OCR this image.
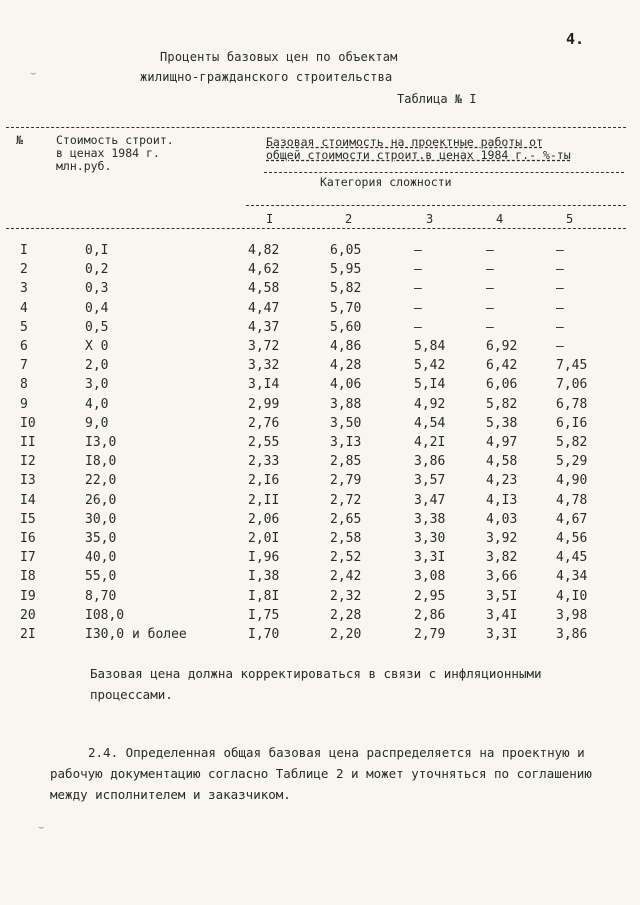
4.
Проценты базовых цен по объектам
жилищно-гражданского строительства
Таблица № I
№	Стоимость строит. в ценах 1984 г. млн.руб.
Базовая стоимость на проектные работы от
общей стоимости строит.в ценах 1984 г.- %-ты
Категория сложности
I	2	3	4	5
I	0,I	4,82	6,05	–	–	–
2	0,2	4,62	5,95	–	–	–
3	0,3	4,58	5,82	–	–	–
4	0,4	4,47	5,70	–	–	–
5	0,5	4,37	5,60	–	–	–
6	X 0	3,72	4,86	5,84	6,92	–
7	2,0	3,32	4,28	5,42	6,42	7,45
8	3,0	3,I4	4,06	5,I4	6,06	7,06
9	4,0	2,99	3,88	4,92	5,82	6,78
I0	9,0	2,76	3,50	4,54	5,38	6,I6
II	I3,0	2,55	3,I3	4,2I	4,97	5,82
I2	I8,0	2,33	2,85	3,86	4,58	5,29
I3	22,0	2,I6	2,79	3,57	4,23	4,90
I4	26,0	2,II	2,72	3,47	4,I3	4,78
I5	30,0	2,06	2,65	3,38	4,03	4,67
I6	35,0	2,0I	2,58	3,30	3,92	4,56
I7	40,0	I,96	2,52	3,3I	3,82	4,45
I8	55,0	I,38	2,42	3,08	3,66	4,34
I9	8,70	I,8I	2,32	2,95	3,5I	4,I0
20	I08,0	I,75	2,28	2,86	3,4I	3,98
2I	I30,0 и более	I,70	2,20	2,79	3,3I	3,86
Базовая цена должна корректироваться в связи с инфляционными процессами.
2.4. Определенная общая базовая цена распределяется на проектную и рабочую документацию согласно Таблице 2 и может уточняться по соглашению между исполнителем и заказчиком.
⌣
⌣
